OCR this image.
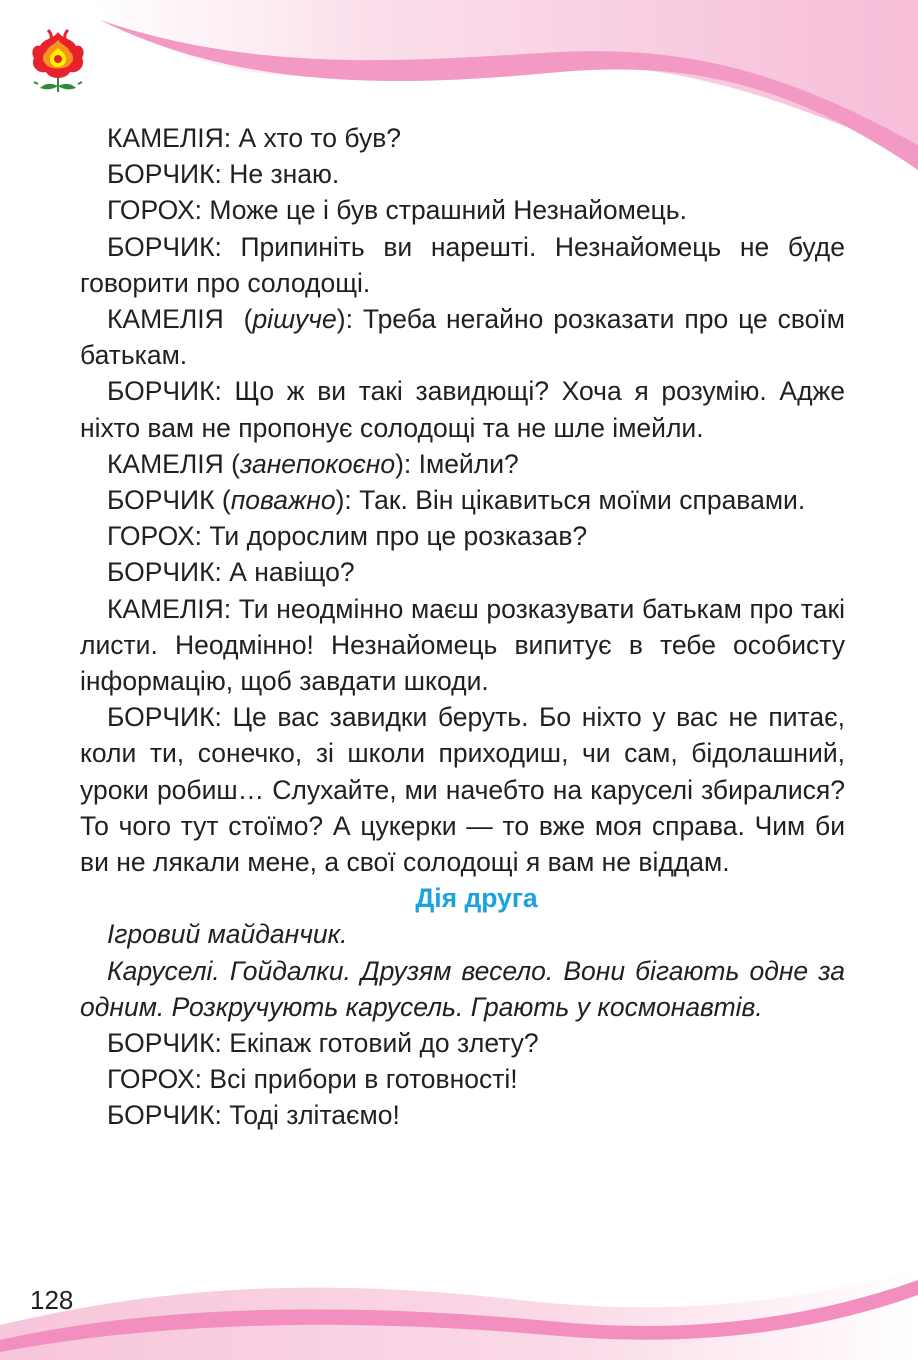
КАМЕЛІЯ: А хто то був?

БОРЧИК: Не знаю.

ГОРОХ: Може це і був страшний Незнайомець.

БОРЧИК: Припиніть ви нарешті. Незнайомець не буде говорити про солодощі.

КАМЕЛІЯ  (рішуче): Треба негайно розказати про це своїм батькам.

БОРЧИК: Що ж ви такі завидющі? Хоча я розумію. Адже ніхто вам не пропонує солодощі та не шле імейли.

КАМЕЛІЯ (занепокоєно): Імейли?

БОРЧИК (поважно): Так. Він цікавиться моїми справами.

ГОРОХ: Ти дорослим про це розказав?

БОРЧИК: А навіщо?

КАМЕЛІЯ: Ти неодмінно маєш розказувати батькам про такі листи. Неодмінно! Незнайомець випитує в тебе особисту інформацію, щоб завдати шкоди.

БОРЧИК: Це вас завидки беруть. Бо ніхто у вас не питає, коли ти, сонечко, зі школи приходиш, чи сам, бідолашний, уроки робиш… Слухайте, ми начебто на каруселі збиралися? То чого тут стоїмо? А цукерки — то вже моя справа. Чим би ви не лякали мене, а свої солодощі я вам не віддам.

Дія друга

Ігровий майданчик.

Каруселі. Гойдалки. Друзям весело. Вони бігають одне за одним. Розкручують карусель. Грають у космонавтів.

БОРЧИК: Екіпаж готовий до злету?

ГОРОХ: Всі прибори в готовності!

БОРЧИК: Тоді злітаємо!

128
